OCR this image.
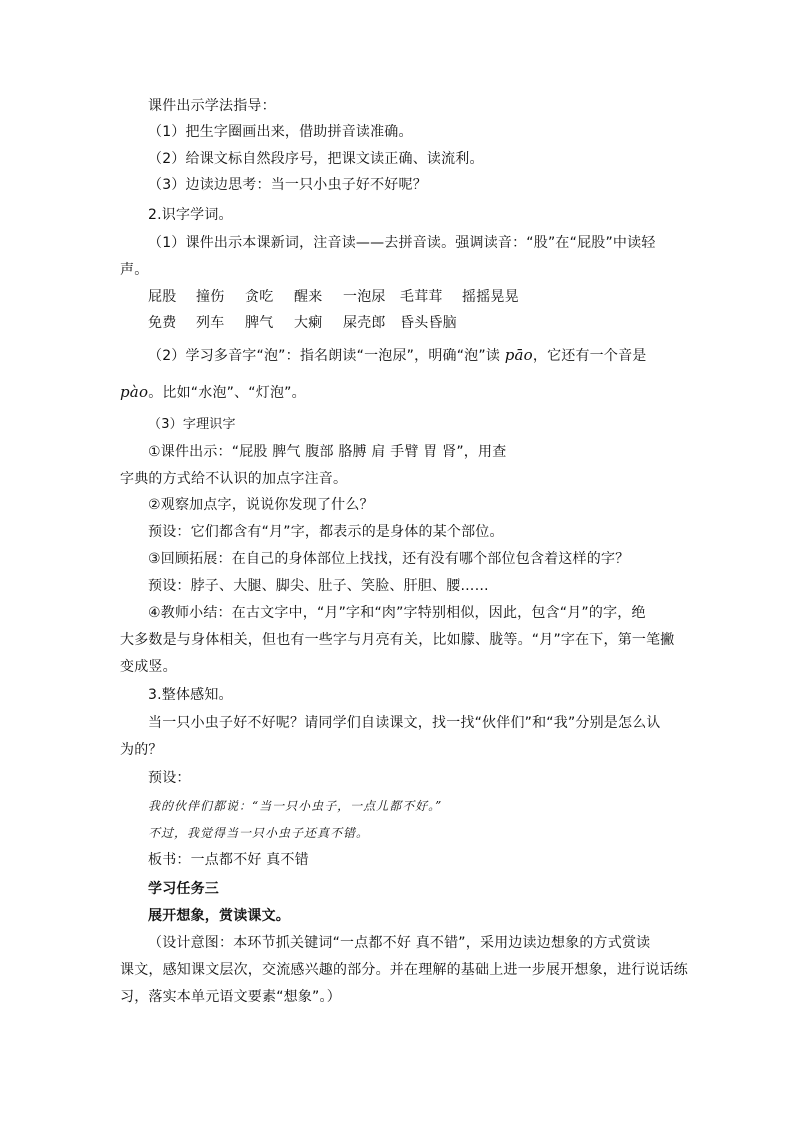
课件出示学法指导：
（1）把生字圈画出来，借助拼音读准确。
（2）给课文标自然段序号，把课文读正确、读流利。
（3）边读边思考：当一只小虫子好不好呢？
2.识字学词。
（1）课件出示本课新词，注音读——去拼音读。强调读音：“股”在“屁股”中读轻
声。
屁股 撞伤 贪吃 醒来 一泡尿 毛茸茸 摇摇晃晃
免费 列车 脾气 大瘌 屎壳郎 昏头昏脑
（2）学习多音字“泡”：指名朗读“一泡尿”，明确“泡”读 pāo，它还有一个音是
pào。比如“水泡”、“灯泡”。
（3）字理识字
①课件出示：“屁股 脾气 腹部 胳膊 肩 手臂 胃 肾”，用查
字典的方式给不认识的加点字注音。
②观察加点字，说说你发现了什么？
预设：它们都含有“月”字，都表示的是身体的某个部位。
③回顾拓展：在自己的身体部位上找找，还有没有哪个部位包含着这样的字？
预设：脖子、大腿、脚尖、肚子、笑脸、肝胆、腰……
④教师小结：在古文字中，“月”字和“肉”字特别相似，因此，包含“月”的字，绝
大多数是与身体相关，但也有一些字与月亮有关，比如朦、胧等。“月”字在下，第一笔撇
变成竖。
3.整体感知。
当一只小虫子好不好呢？请同学们自读课文，找一找“伙伴们”和“我”分别是怎么认
为的？
预设：
我的伙伴们都说：“当一只小虫子，一点儿都不好。”
不过，我觉得当一只小虫子还真不错。
板书：一点都不好 真不错
学习任务三
展开想象，赏读课文。
（设计意图：本环节抓关键词“一点都不好 真不错”，采用边读边想象的方式赏读
课文，感知课文层次，交流感兴趣的部分。并在理解的基础上进一步展开想象，进行说话练
习，落实本单元语文要素“想象”。）
